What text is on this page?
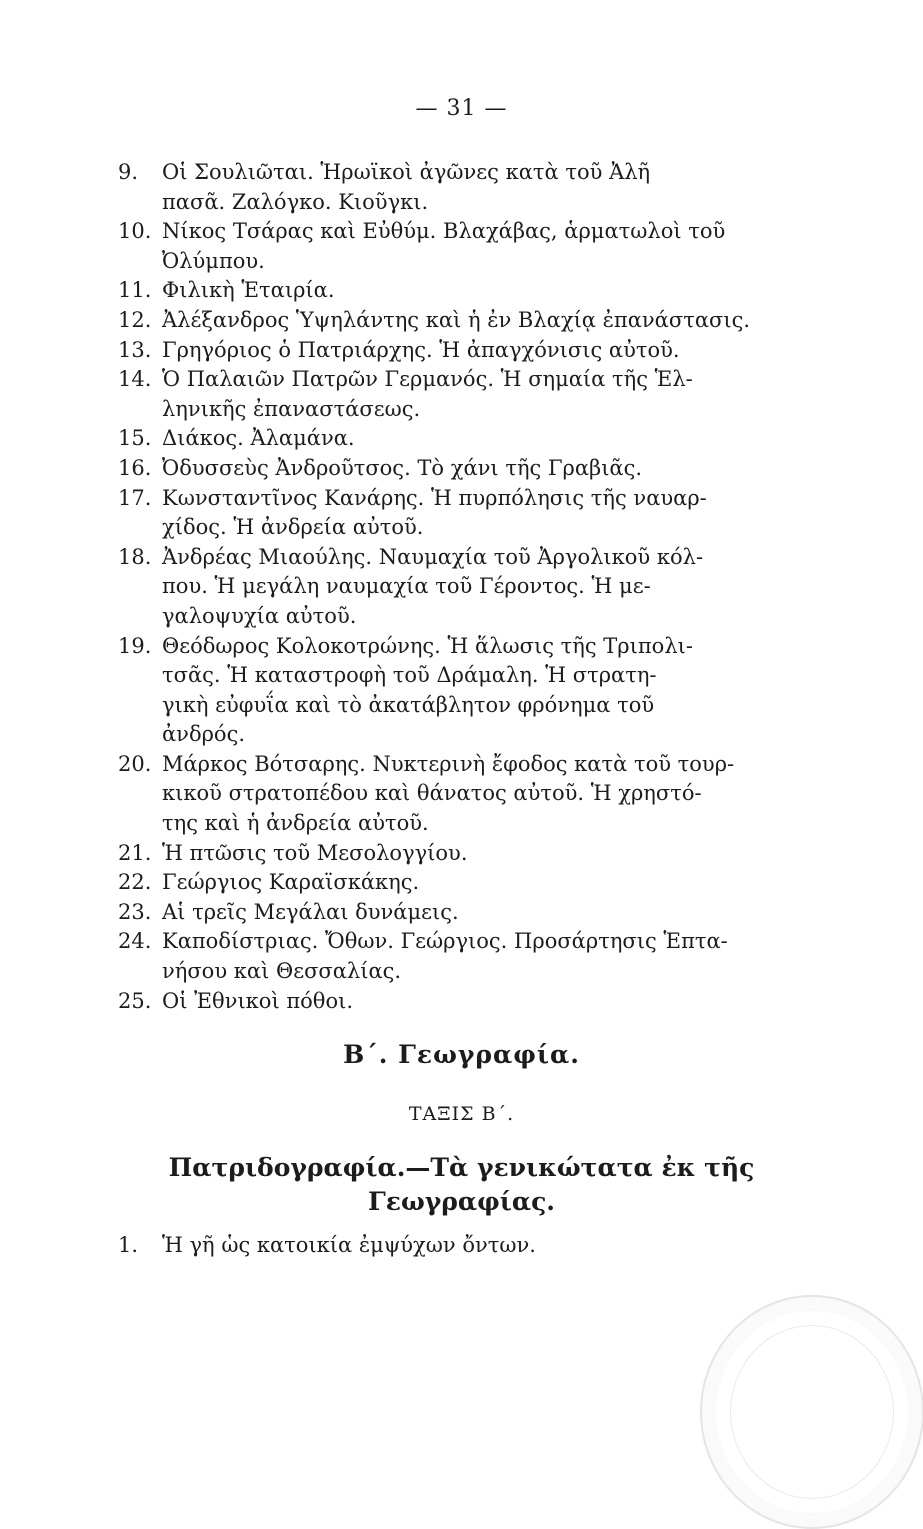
— 31 —
9. Οἱ Σουλιῶται. Ἡρωϊκοὶ ἀγῶνες κατὰ τοῦ Ἀλῆ
πασᾶ. Ζαλόγκο. Κιοῦγκι.
10. Νίκος Τσάρας καὶ Εὐθύμ. Βλαχάβας, ἁρματωλοὶ τοῦ
Ὀλύμπου.
11. Φιλικὴ Ἑταιρία.
12. Ἀλέξανδρος Ὑψηλάντης καὶ ἡ ἐν Βλαχίᾳ ἐπανάστασις.
13. Γρηγόριος ὁ Πατριάρχης. Ἡ ἀπαγχόνισις αὐτοῦ.
14. Ὁ Παλαιῶν Πατρῶν Γερμανός. Ἡ σημαία τῆς Ἑλ-
ληνικῆς ἐπαναστάσεως.
15. Διάκος. Ἀλαμάνα.
16. Ὀδυσσεὺς Ἀνδροῦτσος. Τὸ χάνι τῆς Γραβιᾶς.
17. Κωνσταντῖνος Κανάρης. Ἡ πυρπόλησις τῆς ναυαρ-
χίδος. Ἡ ἀνδρεία αὐτοῦ.
18. Ἀνδρέας Μιαούλης. Ναυμαχία τοῦ Ἀργολικοῦ κόλ-
που. Ἡ μεγάλη ναυμαχία τοῦ Γέροντος. Ἡ με-
γαλοψυχία αὐτοῦ.
19. Θεόδωρος Κολοκοτρώνης. Ἡ ἅλωσις τῆς Τριπολι-
τσᾶς. Ἡ καταστροφὴ τοῦ Δράμαλη. Ἡ στρατη-
γικὴ εὐφυΐα καὶ τὸ ἀκατάβλητον φρόνημα τοῦ
ἀνδρός.
20. Μάρκος Βότσαρης. Νυκτερινὴ ἔφοδος κατὰ τοῦ τουρ-
κικοῦ στρατοπέδου καὶ θάνατος αὐτοῦ. Ἡ χρηστό-
της καὶ ἡ ἀνδρεία αὐτοῦ.
21. Ἡ πτῶσις τοῦ Μεσολογγίου.
22. Γεώργιος Καραϊσκάκης.
23. Αἱ τρεῖς Μεγάλαι δυνάμεις.
24. Καποδίστριας. Ὄθων. Γεώργιος. Προσάρτησις Ἑπτα-
νήσου καὶ Θεσσαλίας.
25. Οἱ Ἐθνικοὶ πόθοι.
Β΄. Γεωγραφία.
ΤΑΞΙΣ Β΄.
Πατριδογραφία.—Τὰ γενικώτατα ἐκ τῆς
Γεωγραφίας.
1. Ἡ γῆ ὡς κατοικία ἐμψύχων ὄντων.
